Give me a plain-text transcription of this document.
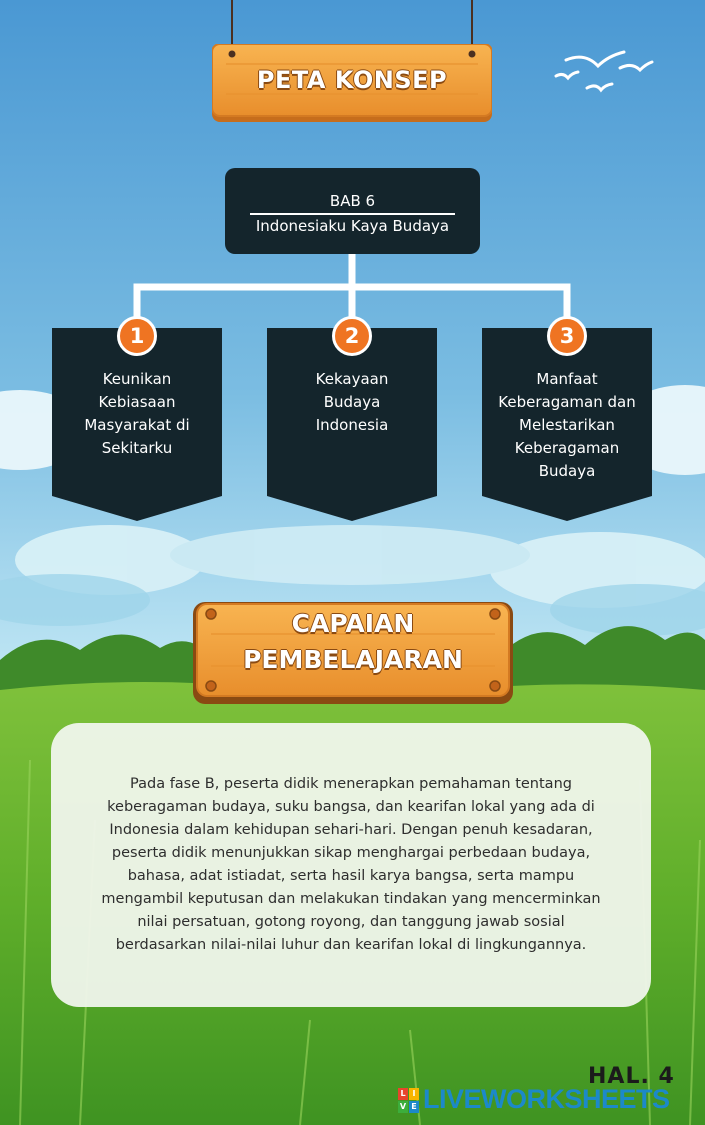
PETA KONSEP
BAB 6
Indonesiaku Kaya Budaya
1
Keunikan
Kebiasaan
Masyarakat di
Sekitarku
2
Kekayaan
Budaya
Indonesia
3
Manfaat
Keberagaman dan
Melestarikan
Keberagaman
Budaya
CAPAIAN
PEMBELAJARAN
Pada fase B, peserta didik menerapkan pemahaman tentang keberagaman budaya, suku bangsa, dan kearifan lokal yang ada di Indonesia dalam kehidupan sehari-hari. Dengan penuh kesadaran, peserta didik menunjukkan sikap menghargai perbedaan budaya, bahasa, adat istiadat, serta hasil karya bangsa, serta mampu mengambil keputusan dan melakukan tindakan yang mencerminkan nilai persatuan, gotong royong, dan tanggung jawab sosial berdasarkan nilai-nilai luhur dan kearifan lokal di lingkungannya.
HAL. 4
L I
V E LIVEWORKSHEETS
